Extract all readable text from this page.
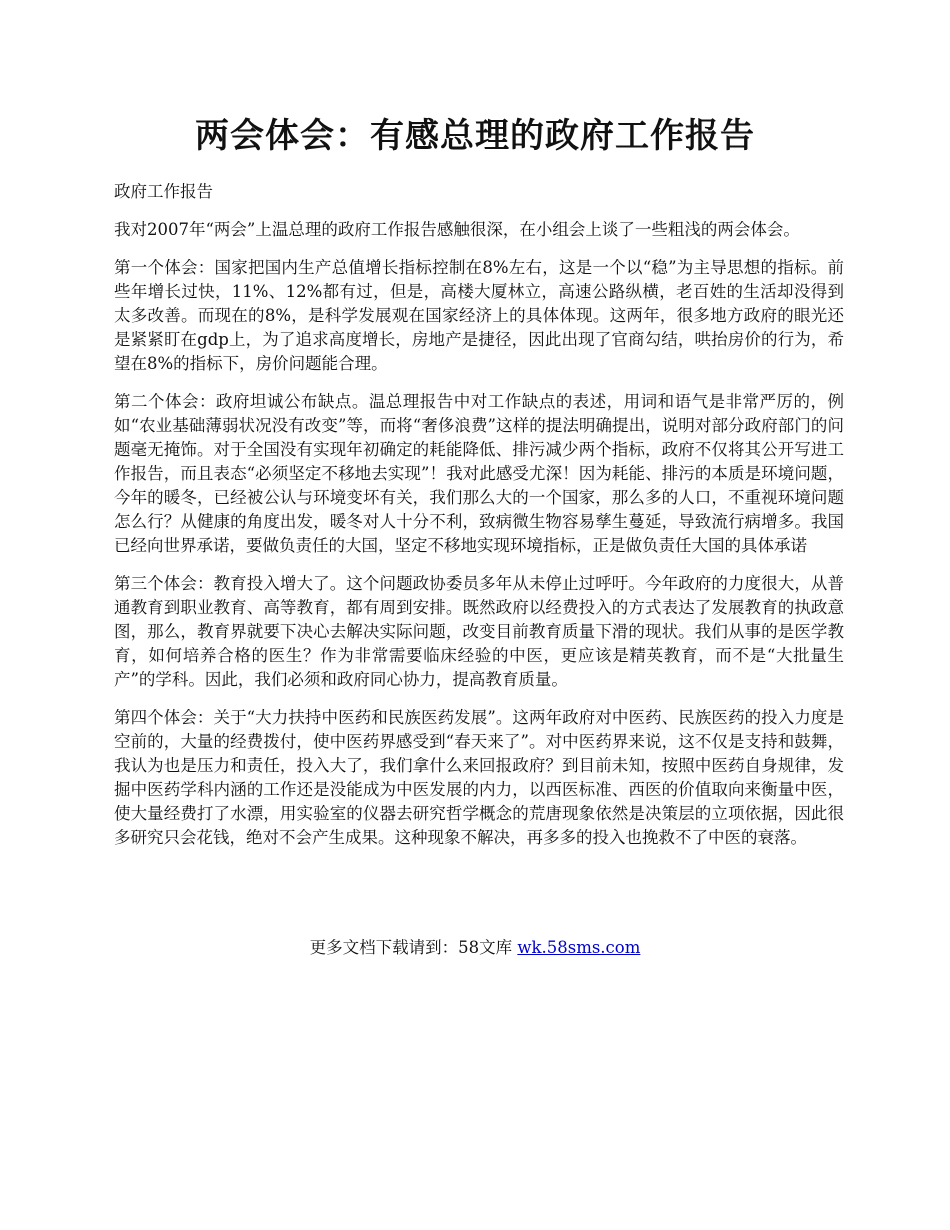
两会体会：有感总理的政府工作报告

政府工作报告

我对2007年“两会”上温总理的政府工作报告感触很深，在小组会上谈了一些粗浅的两会体会。

第一个体会：国家把国内生产总值增长指标控制在8%左右，这是一个以“稳”为主导思想的指标。前些年增长过快，11%、12%都有过，但是，高楼大厦林立，高速公路纵横，老百姓的生活却没得到太多改善。而现在的8%，是科学发展观在国家经济上的具体体现。这两年，很多地方政府的眼光还是紧紧盯在gdp上，为了追求高度增长，房地产是捷径，因此出现了官商勾结，哄抬房价的行为，希望在8%的指标下，房价问题能合理。

第二个体会：政府坦诚公布缺点。温总理报告中对工作缺点的表述，用词和语气是非常严厉的，例如“农业基础薄弱状况没有改变”等，而将“奢侈浪费”这样的提法明确提出，说明对部分政府部门的问题毫无掩饰。对于全国没有实现年初确定的耗能降低、排污减少两个指标，政府不仅将其公开写进工作报告，而且表态“必须坚定不移地去实现”！我对此感受尤深！因为耗能、排污的本质是环境问题，今年的暖冬，已经被公认与环境变坏有关，我们那么大的一个国家，那么多的人口，不重视环境问题怎么行？从健康的角度出发，暖冬对人十分不利，致病微生物容易孳生蔓延，导致流行病增多。我国已经向世界承诺，要做负责任的大国，坚定不移地实现环境指标，正是做负责任大国的具体承诺

第三个体会：教育投入增大了。这个问题政协委员多年从未停止过呼吁。今年政府的力度很大，从普通教育到职业教育、高等教育，都有周到安排。既然政府以经费投入的方式表达了发展教育的执政意图，那么，教育界就要下决心去解决实际问题，改变目前教育质量下滑的现状。我们从事的是医学教育，如何培养合格的医生？作为非常需要临床经验的中医，更应该是精英教育，而不是“大批量生产”的学科。因此，我们必须和政府同心协力，提高教育质量。

第四个体会：关于“大力扶持中医药和民族医药发展”。这两年政府对中医药、民族医药的投入力度是空前的，大量的经费拨付，使中医药界感受到“春天来了”。对中医药界来说，这不仅是支持和鼓舞，我认为也是压力和责任，投入大了，我们拿什么来回报政府？到目前未知，按照中医药自身规律，发掘中医药学科内涵的工作还是没能成为中医发展的内力，以西医标准、西医的价值取向来衡量中医，使大量经费打了水漂，用实验室的仪器去研究哲学概念的荒唐现象依然是决策层的立项依据，因此很多研究只会花钱，绝对不会产生成果。这种现象不解决，再多多的投入也挽救不了中医的衰落。

更多文档下载请到：58文库 wk.58sms.com
